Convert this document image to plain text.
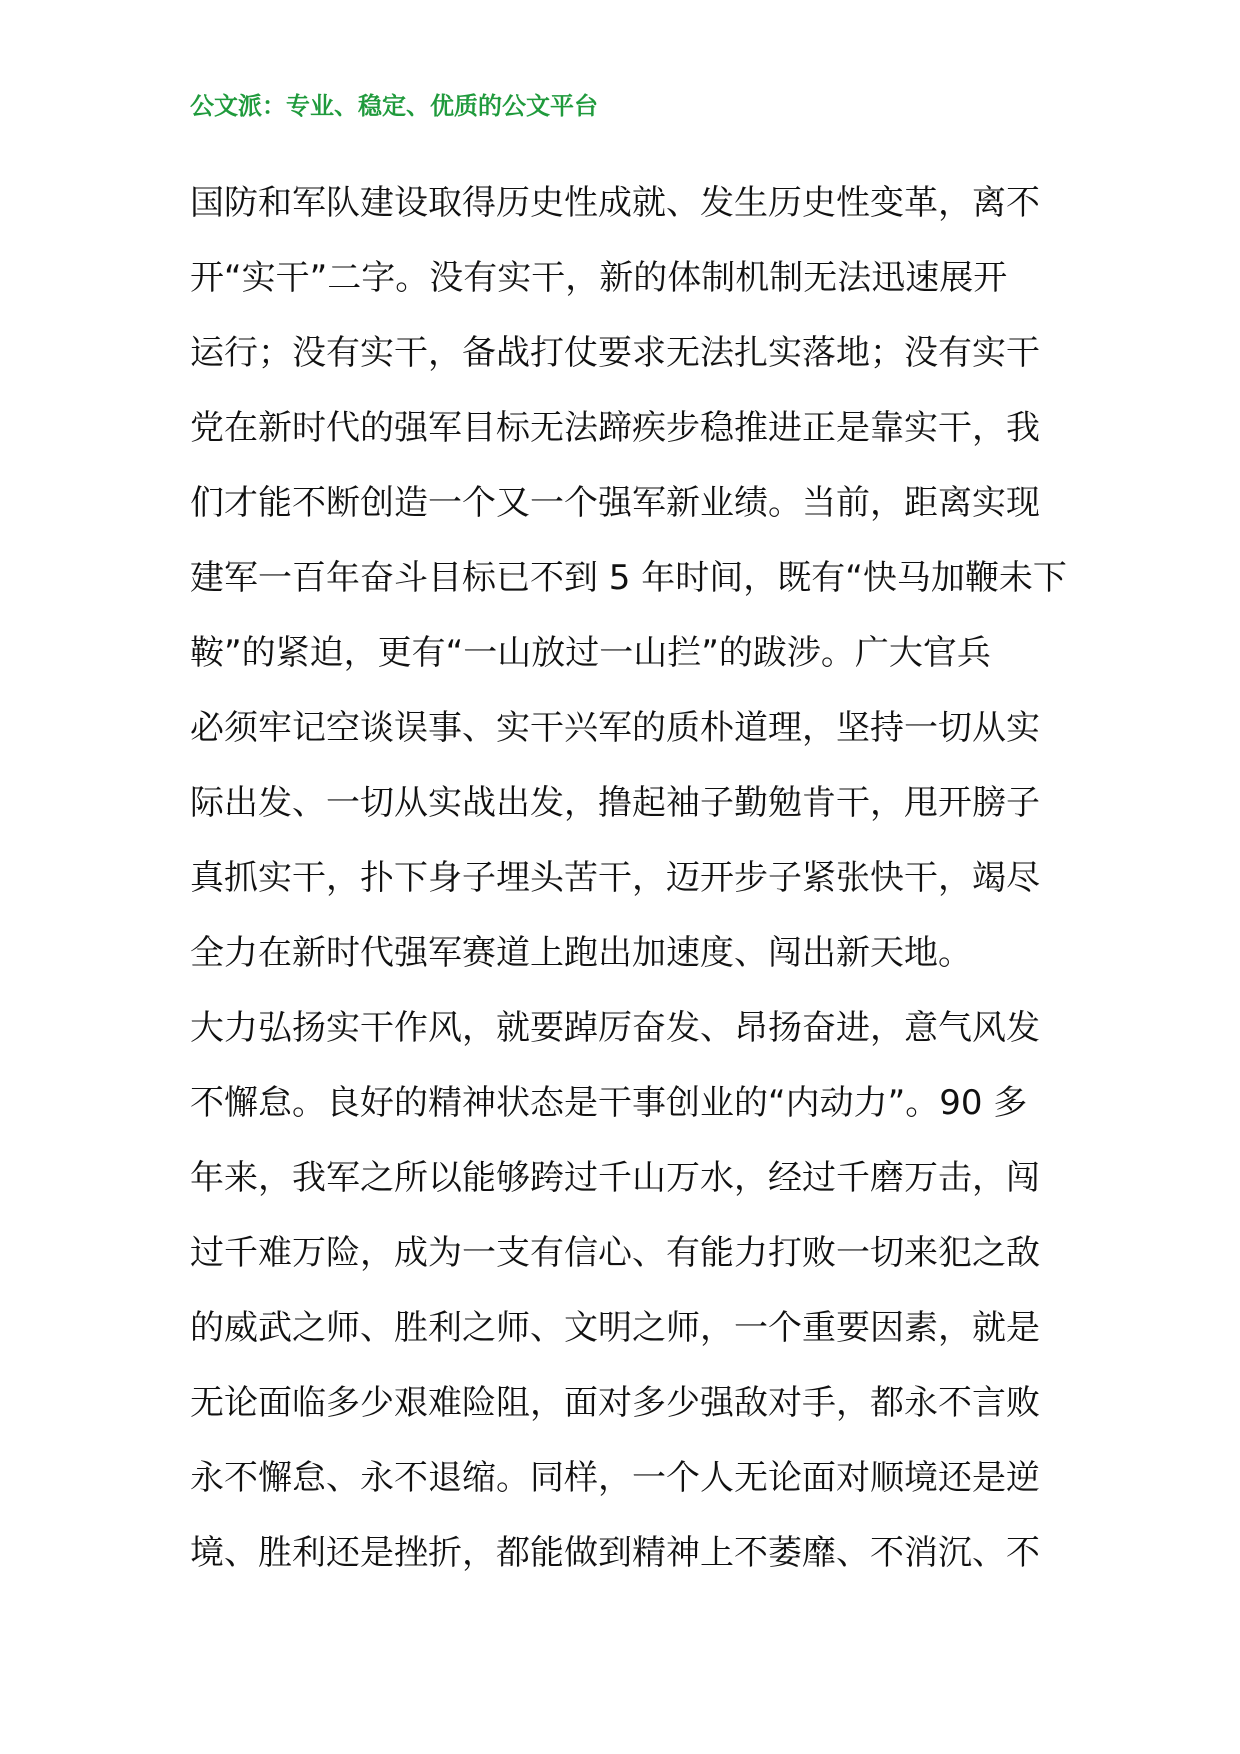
公文派：专业、稳定、优质的公文平台
国防和军队建设取得历史性成就、发生历史性变革，离不
开“实干”二字。没有实干，新的体制机制无法迅速展开
运行；没有实干，备战打仗要求无法扎实落地；没有实干
党在新时代的强军目标无法蹄疾步稳推进正是靠实干，我
们才能不断创造一个又一个强军新业绩。当前，距离实现
建军一百年奋斗目标已不到 5 年时间，既有“快马加鞭未下
鞍”的紧迫，更有“一山放过一山拦”的跋涉。广大官兵
必须牢记空谈误事、实干兴军的质朴道理，坚持一切从实
际出发、一切从实战出发，撸起袖子勤勉肯干，甩开膀子
真抓实干，扑下身子埋头苦干，迈开步子紧张快干，竭尽
全力在新时代强军赛道上跑出加速度、闯出新天地。
大力弘扬实干作风，就要踔厉奋发、昂扬奋进，意气风发
不懈怠。良好的精神状态是干事创业的“内动力”。90 多
年来，我军之所以能够跨过千山万水，经过千磨万击，闯
过千难万险，成为一支有信心、有能力打败一切来犯之敌
的威武之师、胜利之师、文明之师，一个重要因素，就是
无论面临多少艰难险阻，面对多少强敌对手，都永不言败
永不懈怠、永不退缩。同样，一个人无论面对顺境还是逆
境、胜利还是挫折，都能做到精神上不萎靡、不消沉、不
